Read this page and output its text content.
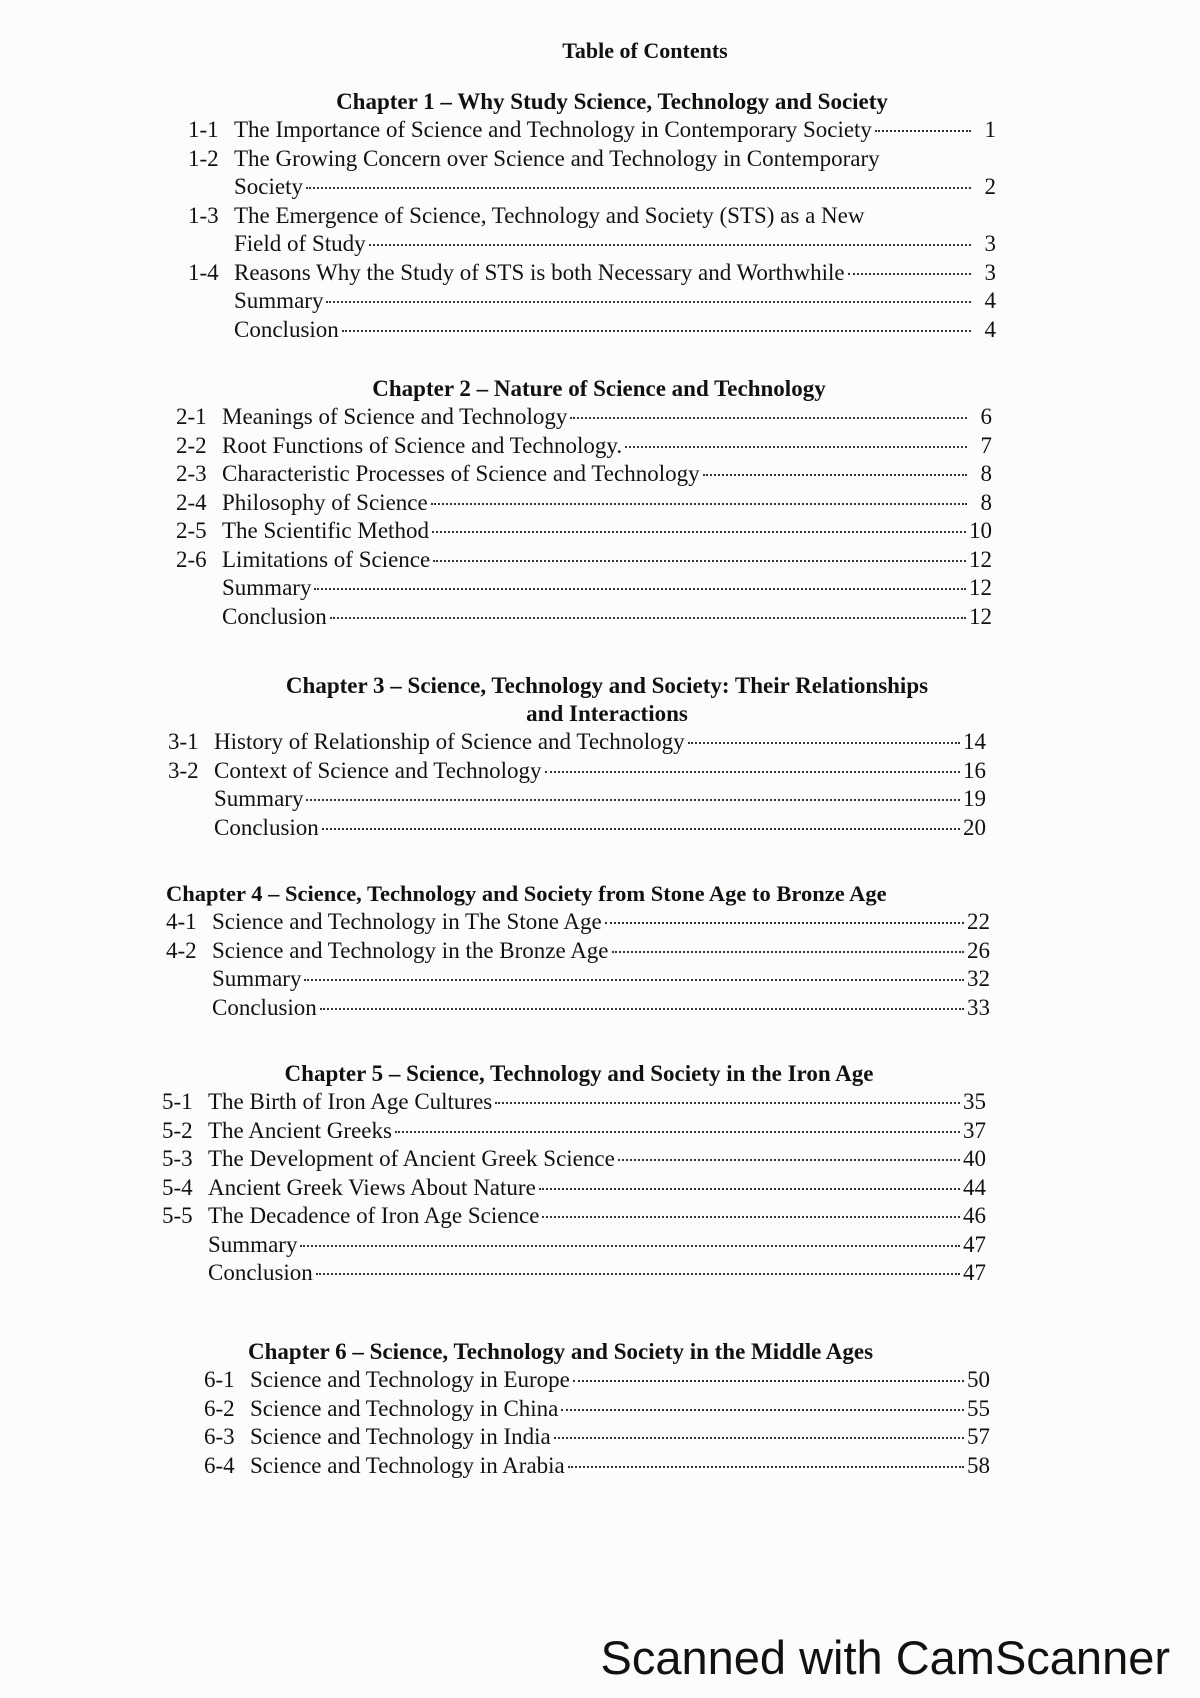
Table of Contents
Chapter 1 – Why Study Science, Technology and Society
1-1 The Importance of Science and Technology in Contemporary Society	1
1-2 The Growing Concern over Science and Technology in Contemporary
Society	2
1-3 The Emergence of Science, Technology and Society (STS) as a New
Field of Study	3
1-4 Reasons Why the Study of STS is both Necessary and Worthwhile	3
Summary	4
Conclusion	4
Chapter 2 – Nature of Science and Technology
2-1 Meanings of Science and Technology	6
2-2 Root Functions of Science and Technology.	7
2-3 Characteristic Processes of Science and Technology	8
2-4 Philosophy of Science	8
2-5 The Scientific Method	10
2-6 Limitations of Science	12
Summary	12
Conclusion	12
Chapter 3 – Science, Technology and Society: Their Relationships
and Interactions
3-1 History of Relationship of Science and Technology	14
3-2 Context of Science and Technology	16
Summary	19
Conclusion	20
Chapter 4 – Science, Technology and Society from Stone Age to Bronze Age
4-1 Science and Technology in The Stone Age	22
4-2 Science and Technology in the Bronze Age	26
Summary	32
Conclusion	33
Chapter 5 – Science, Technology and Society in the Iron Age
5-1 The Birth of Iron Age Cultures	35
5-2 The Ancient Greeks	37
5-3 The Development of Ancient Greek Science	40
5-4 Ancient Greek Views About Nature	44
5-5 The Decadence of Iron Age Science	46
Summary	47
Conclusion	47
Chapter 6 – Science, Technology and Society in the Middle Ages
6-1 Science and Technology in Europe	50
6-2 Science and Technology in China	55
6-3 Science and Technology in India	57
6-4 Science and Technology in Arabia	58
Scanned with CamScanner
